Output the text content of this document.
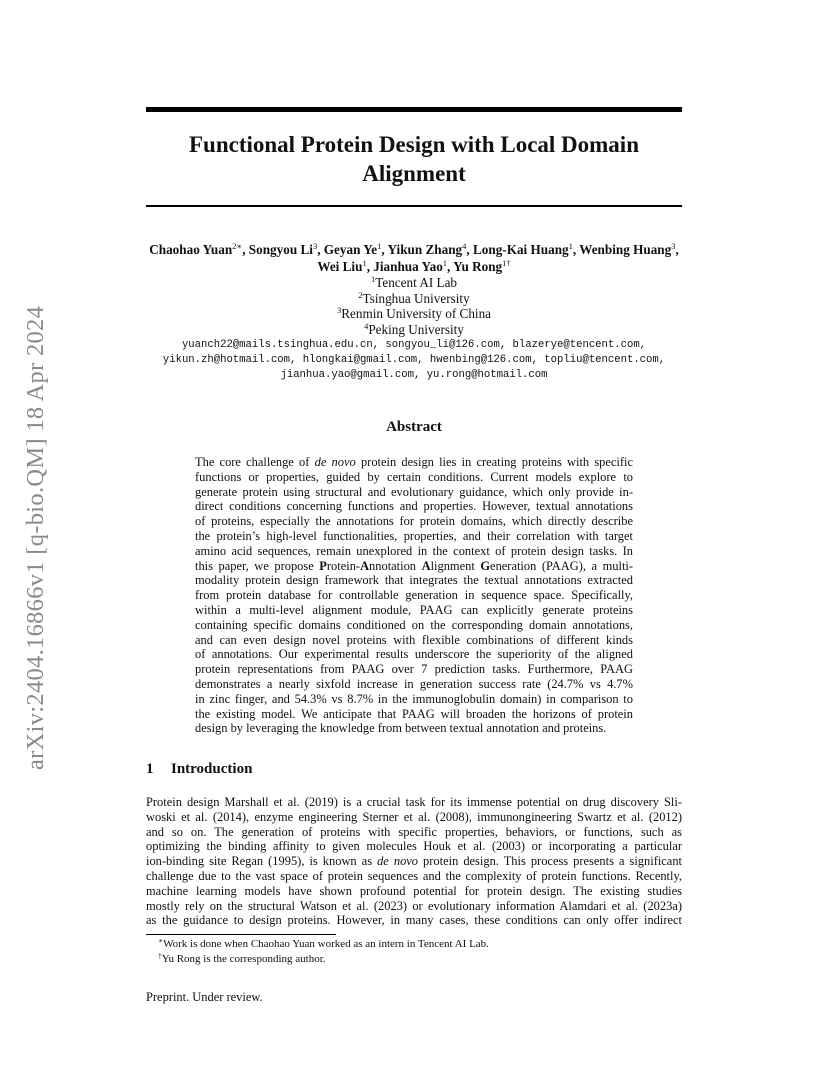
Functional Protein Design with Local Domain
Alignment
arXiv:2404.16866v1 [q-bio.QM] 18 Apr 2024
Chaohao Yuan$^{2∗}$, Songyou Li$^3$, Geyan Ye$^1$, Yikun Zhang$^4$, Long-Kai Huang$^1$, Wenbing Huang$^3$,
Wei Liu$^1$, Jianhua Yao$^1$, Yu Rong$^{1\dagger}$
$^1$Tencent AI Lab
$^2$Tsinghua University
$^3$Renmin University of China
$^4$Peking University
yuanch22@mails.tsinghua.edu.cn, songyou_li@126.com, blazerye@tencent.com,
yikun.zh@hotmail.com, hlongkai@gmail.com, hwenbing@126.com, topliu@tencent.com,
jianhua.yao@gmail.com, yu.rong@hotmail.com
Abstract
The core challenge of de novo protein design lies in creating proteins with specific
functions or properties, guided by certain conditions. Current models explore to
generate protein using structural and evolutionary guidance, which only provide in-
direct conditions concerning functions and properties. However, textual annotations
of proteins, especially the annotations for protein domains, which directly describe
the protein’s high-level functionalities, properties, and their correlation with target
amino acid sequences, remain unexplored in the context of protein design tasks. In
this paper, we propose Protein-Annotation Alignment Generation (PAAG), a multi-
modality protein design framework that integrates the textual annotations extracted
from protein database for controllable generation in sequence space. Specifically,
within a multi-level alignment module, PAAG can explicitly generate proteins
containing specific domains conditioned on the corresponding domain annotations,
and can even design novel proteins with flexible combinations of different kinds
of annotations. Our experimental results underscore the superiority of the aligned
protein representations from PAAG over 7 prediction tasks. Furthermore, PAAG
demonstrates a nearly sixfold increase in generation success rate (24.7% vs 4.7%
in zinc finger, and 54.3% vs 8.7% in the immunoglobulin domain) in comparison to
the existing model. We anticipate that PAAG will broaden the horizons of protein
design by leveraging the knowledge from between textual annotation and proteins.
1 Introduction
Protein design Marshall et al. (2019) is a crucial task for its immense potential on drug discovery Sli-
woski et al. (2014), enzyme engineering Sterner et al. (2008), immunongineering Swartz et al. (2012)
and so on. The generation of proteins with specific properties, behaviors, or functions, such as
optimizing the binding affinity to given molecules Houk et al. (2003) or incorporating a particular
ion-binding site Regan (1995), is known as de novo protein design. This process presents a significant
challenge due to the vast space of protein sequences and the complexity of protein functions. Recently,
machine learning models have shown profound potential for protein design. The existing studies
mostly rely on the structural Watson et al. (2023) or evolutionary information Alamdari et al. (2023a)
as the guidance to design proteins. However, in many cases, these conditions can only offer indirect
∗Work is done when Chaohao Yuan worked as an intern in Tencent AI Lab.
†Yu Rong is the corresponding author.
Preprint. Under review.
